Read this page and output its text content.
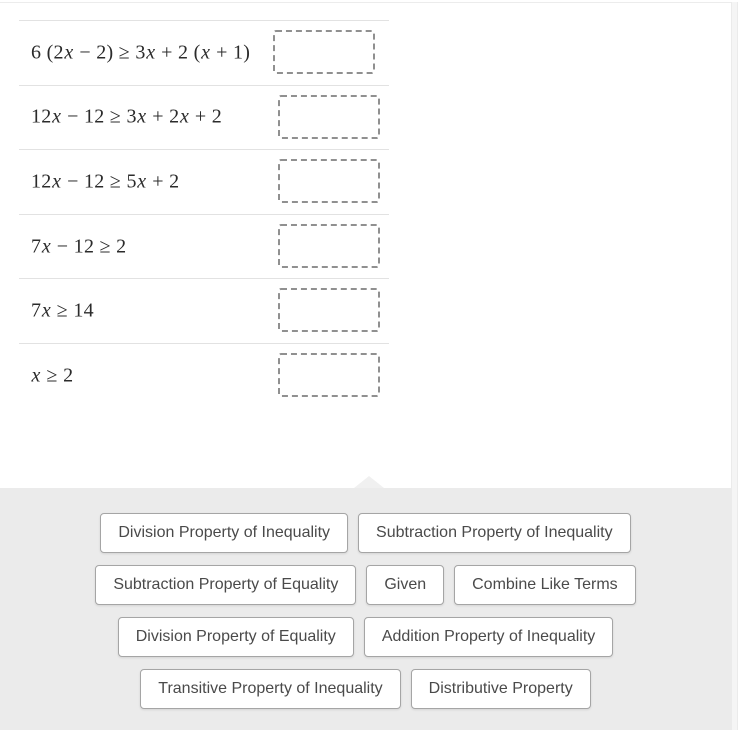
6 (2x − 2) ≥ 3x + 2 (x + 1)
12x − 12 ≥ 3x + 2x + 2
12x − 12 ≥ 5x + 2
7x − 12 ≥ 2
7x ≥ 14
x ≥ 2
Division Property of Inequality	Subtraction Property of Inequality
Subtraction Property of Equality	Given	Combine Like Terms
Division Property of Equality	Addition Property of Inequality
Transitive Property of Inequality	Distributive Property
